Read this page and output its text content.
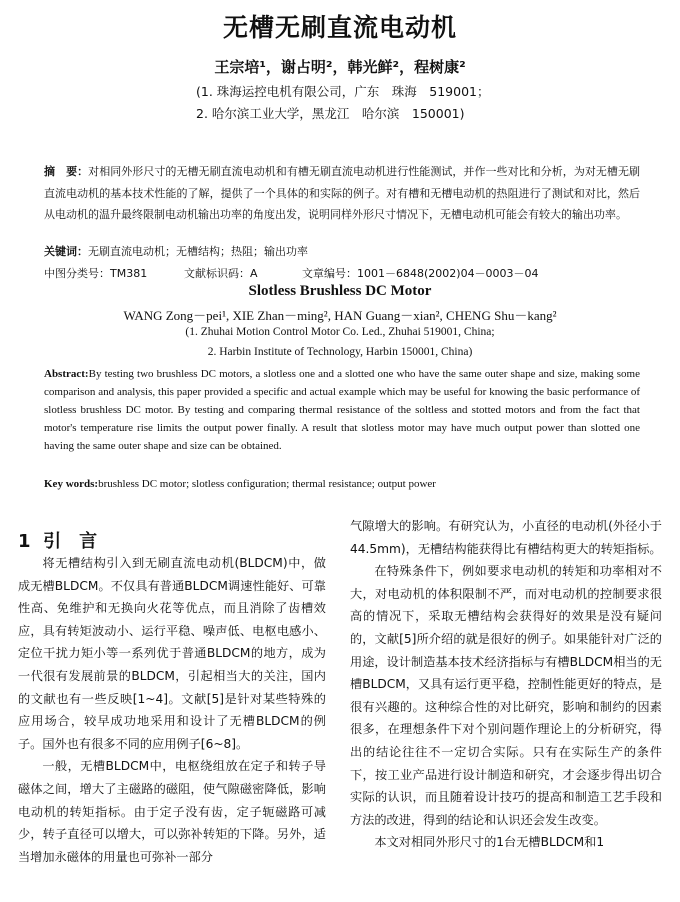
无槽无刷直流电动机
王宗培¹，谢占明²，韩光鲜²，程树康²
(1. 珠海运控电机有限公司，广东　珠海　519001；
2. 哈尔滨工业大学，黑龙江　哈尔滨　150001)
摘　要：对相同外形尺寸的无槽无刷直流电动机和有槽无刷直流电动机进行性能测试，并作一些对比和分析，为对无槽无刷直流电动机的基本技术性能的了解，提供了一个具体的和实际的例子。对有槽和无槽电动机的热阻进行了测试和对比，然后从电动机的温升最终限制电动机输出功率的角度出发，说明同样外形尺寸情况下，无槽电动机可能会有较大的输出功率。
关键词：无刷直流电动机；无槽结构；热阻；输出功率
中图分类号：TM381	文献标识码：A	文章编号：1001－6848(2002)04－0003－04
Slotless Brushless DC Motor
WANG Zong－pei¹, XIE Zhan－ming², HAN Guang－xian², CHENG Shu－kang²
(1. Zhuhai Motion Control Motor Co. Led., Zhuhai 519001, China;
2. Harbin Institute of Technology, Harbin 150001, China)
Abstract:By testing two brushless DC motors, a slotless one and a slotted one who have the same outer shape and size, making some comparison and analysis, this paper provided a specific and actual example which may be useful for knowing the basic performance of slotless brushless DC motor. By testing and comparing thermal resistance of the soltless and stotted motors and from the fact that motor's temperature rise limits the output power finally. A result that slotless motor may have much output power than slotted one having the same outer shape and size can be obtained.
Key words:brushless DC motor; slotless configuration; thermal resistance; output power
1 引　言

将无槽结构引入到无刷直流电动机(BLDCM)中，做成无槽BLDCM。不仅具有普通BLDCM调速性能好、可靠性高、免维护和无换向火花等优点，而且消除了齿槽效应，具有转矩波动小、运行平稳、噪声低、电枢电感小、定位干扰力矩小等一系列优于普通BLDCM的地方，成为一代很有发展前景的BLDCM，引起相当大的关注，国内的文献也有一些反映[1~4]。文献[5]是针对某些特殊的应用场合，较早成功地采用和设计了无槽BLDCM的例子。国外也有很多不同的应用例子[6~8]。

一般，无槽BLDCM中，电枢绕组放在定子和转子导磁体之间，增大了主磁路的磁阻，使气隙磁密降低，影响电动机的转矩指标。由于定子没有齿，定子轭磁路可减少，转子直径可以增大，可以弥补转矩的下降。另外，适当增加永磁体的用量也可弥补一部分

气隙增大的影响。有研究认为，小直径的电动机(外径小于44.5mm)，无槽结构能获得比有槽结构更大的转矩指标。

在特殊条件下，例如要求电动机的转矩和功率相对不大，对电动机的体积限制不严，而对电动机的控制要求很高的情况下，采取无槽结构会获得好的效果是没有疑问的，文献[5]所介绍的就是很好的例子。如果能针对广泛的用途，设计制造基本技术经济指标与有槽BLDCM相当的无槽BLDCM，又具有运行更平稳，控制性能更好的特点，是很有兴趣的。这种综合性的对比研究，影响和制约的因素很多，在理想条件下对个别问题作理论上的分析研究，得出的结论往往不一定切合实际。只有在实际生产的条件下，按工业产品进行设计制造和研究，才会逐步得出切合实际的认识，而且随着设计技巧的提高和制造工艺手段和方法的改进，得到的结论和认识还会发生改变。

本文对相同外形尺寸的1台无槽BLDCM和1
